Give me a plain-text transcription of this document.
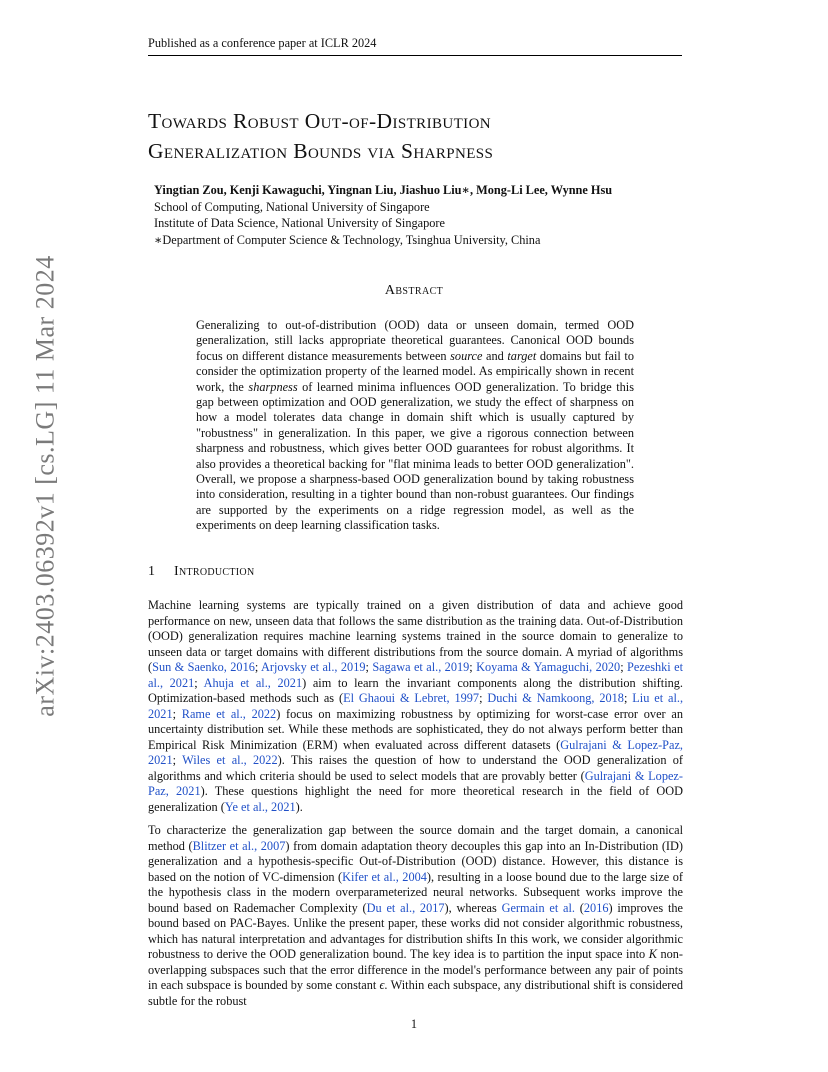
arXiv:2403.06392v1 [cs.LG] 11 Mar 2024
Published as a conference paper at ICLR 2024
Towards Robust Out-of-Distribution
Generalization Bounds via Sharpness
Yingtian Zou, Kenji Kawaguchi, Yingnan Liu, Jiashuo Liu∗, Mong-Li Lee, Wynne Hsu
School of Computing, National University of Singapore
Institute of Data Science, National University of Singapore
∗Department of Computer Science & Technology, Tsinghua University, China
Abstract
Generalizing to out-of-distribution (OOD) data or unseen domain, termed OOD generalization, still lacks appropriate theoretical guarantees. Canonical OOD bounds focus on different distance measurements between source and target domains but fail to consider the optimization property of the learned model. As empirically shown in recent work, the sharpness of learned minima influences OOD generalization. To bridge this gap between optimization and OOD generalization, we study the effect of sharpness on how a model tolerates data change in domain shift which is usually captured by "robustness" in generalization. In this paper, we give a rigorous connection between sharpness and robustness, which gives better OOD guarantees for robust algorithms. It also provides a theoretical backing for "flat minima leads to better OOD generalization". Overall, we propose a sharpness-based OOD generalization bound by taking robustness into consideration, resulting in a tighter bound than non-robust guarantees. Our findings are supported by the experiments on a ridge regression model, as well as the experiments on deep learning classification tasks.
1 Introduction

Machine learning systems are typically trained on a given distribution of data and achieve good performance on new, unseen data that follows the same distribution as the training data. Out-of-Distribution (OOD) generalization requires machine learning systems trained in the source domain to generalize to unseen data or target domains with different distributions from the source domain. A myriad of algorithms (Sun & Saenko, 2016; Arjovsky et al., 2019; Sagawa et al., 2019; Koyama & Yamaguchi, 2020; Pezeshki et al., 2021; Ahuja et al., 2021) aim to learn the invariant components along the distribution shifting. Optimization-based methods such as (El Ghaoui & Lebret, 1997; Duchi & Namkoong, 2018; Liu et al., 2021; Rame et al., 2022) focus on maximizing robustness by optimizing for worst-case error over an uncertainty distribution set. While these methods are sophisticated, they do not always perform better than Empirical Risk Minimization (ERM) when evaluated across different datasets (Gulrajani & Lopez-Paz, 2021; Wiles et al., 2022). This raises the question of how to understand the OOD generalization of algorithms and which criteria should be used to select models that are provably better (Gulrajani & Lopez-Paz, 2021). These questions highlight the need for more theoretical research in the field of OOD generalization (Ye et al., 2021).

To characterize the generalization gap between the source domain and the target domain, a canonical method (Blitzer et al., 2007) from domain adaptation theory decouples this gap into an In-Distribution (ID) generalization and a hypothesis-specific Out-of-Distribution (OOD) distance. However, this distance is based on the notion of VC-dimension (Kifer et al., 2004), resulting in a loose bound due to the large size of the hypothesis class in the modern overparameterized neural networks. Subsequent works improve the bound based on Rademacher Complexity (Du et al., 2017), whereas Germain et al. (2016) improves the bound based on PAC-Bayes. Unlike the present paper, these works did not consider algorithmic robustness, which has natural interpretation and advantages for distribution shifts In this work, we consider algorithmic robustness to derive the OOD generalization bound. The key idea is to partition the input space into K non-overlapping subspaces such that the error difference in the model's performance between any pair of points in each subspace is bounded by some constant ϵ. Within each subspace, any distributional shift is considered subtle for the robust

1
